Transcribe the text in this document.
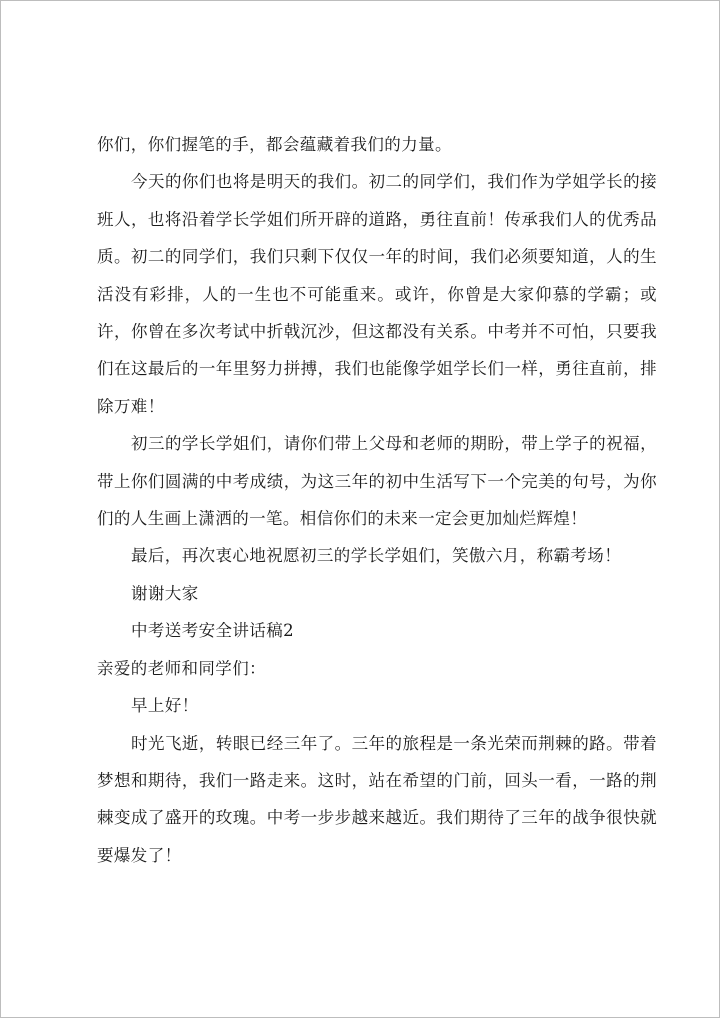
你们，你们握笔的手，都会蕴藏着我们的力量。

今天的你们也将是明天的我们。初二的同学们，我们作为学姐学长的接班人，也将沿着学长学姐们所开辟的道路，勇往直前！传承我们人的优秀品质。初二的同学们，我们只剩下仅仅一年的时间，我们必须要知道，人的生活没有彩排，人的一生也不可能重来。或许，你曾是大家仰慕的学霸；或许，你曾在多次考试中折戟沉沙，但这都没有关系。中考并不可怕，只要我们在这最后的一年里努力拼搏，我们也能像学姐学长们一样，勇往直前，排除万难！

初三的学长学姐们，请你们带上父母和老师的期盼，带上学子的祝福，带上你们圆满的中考成绩，为这三年的初中生活写下一个完美的句号，为你们的人生画上潇洒的一笔。相信你们的未来一定会更加灿烂辉煌！

最后，再次衷心地祝愿初三的学长学姐们，笑傲六月，称霸考场！

谢谢大家

中考送考安全讲话稿2

亲爱的老师和同学们：

早上好！

时光飞逝，转眼已经三年了。三年的旅程是一条光荣而荆棘的路。带着梦想和期待，我们一路走来。这时，站在希望的门前，回头一看，一路的荆棘变成了盛开的玫瑰。中考一步步越来越近。我们期待了三年的战争很快就要爆发了！
